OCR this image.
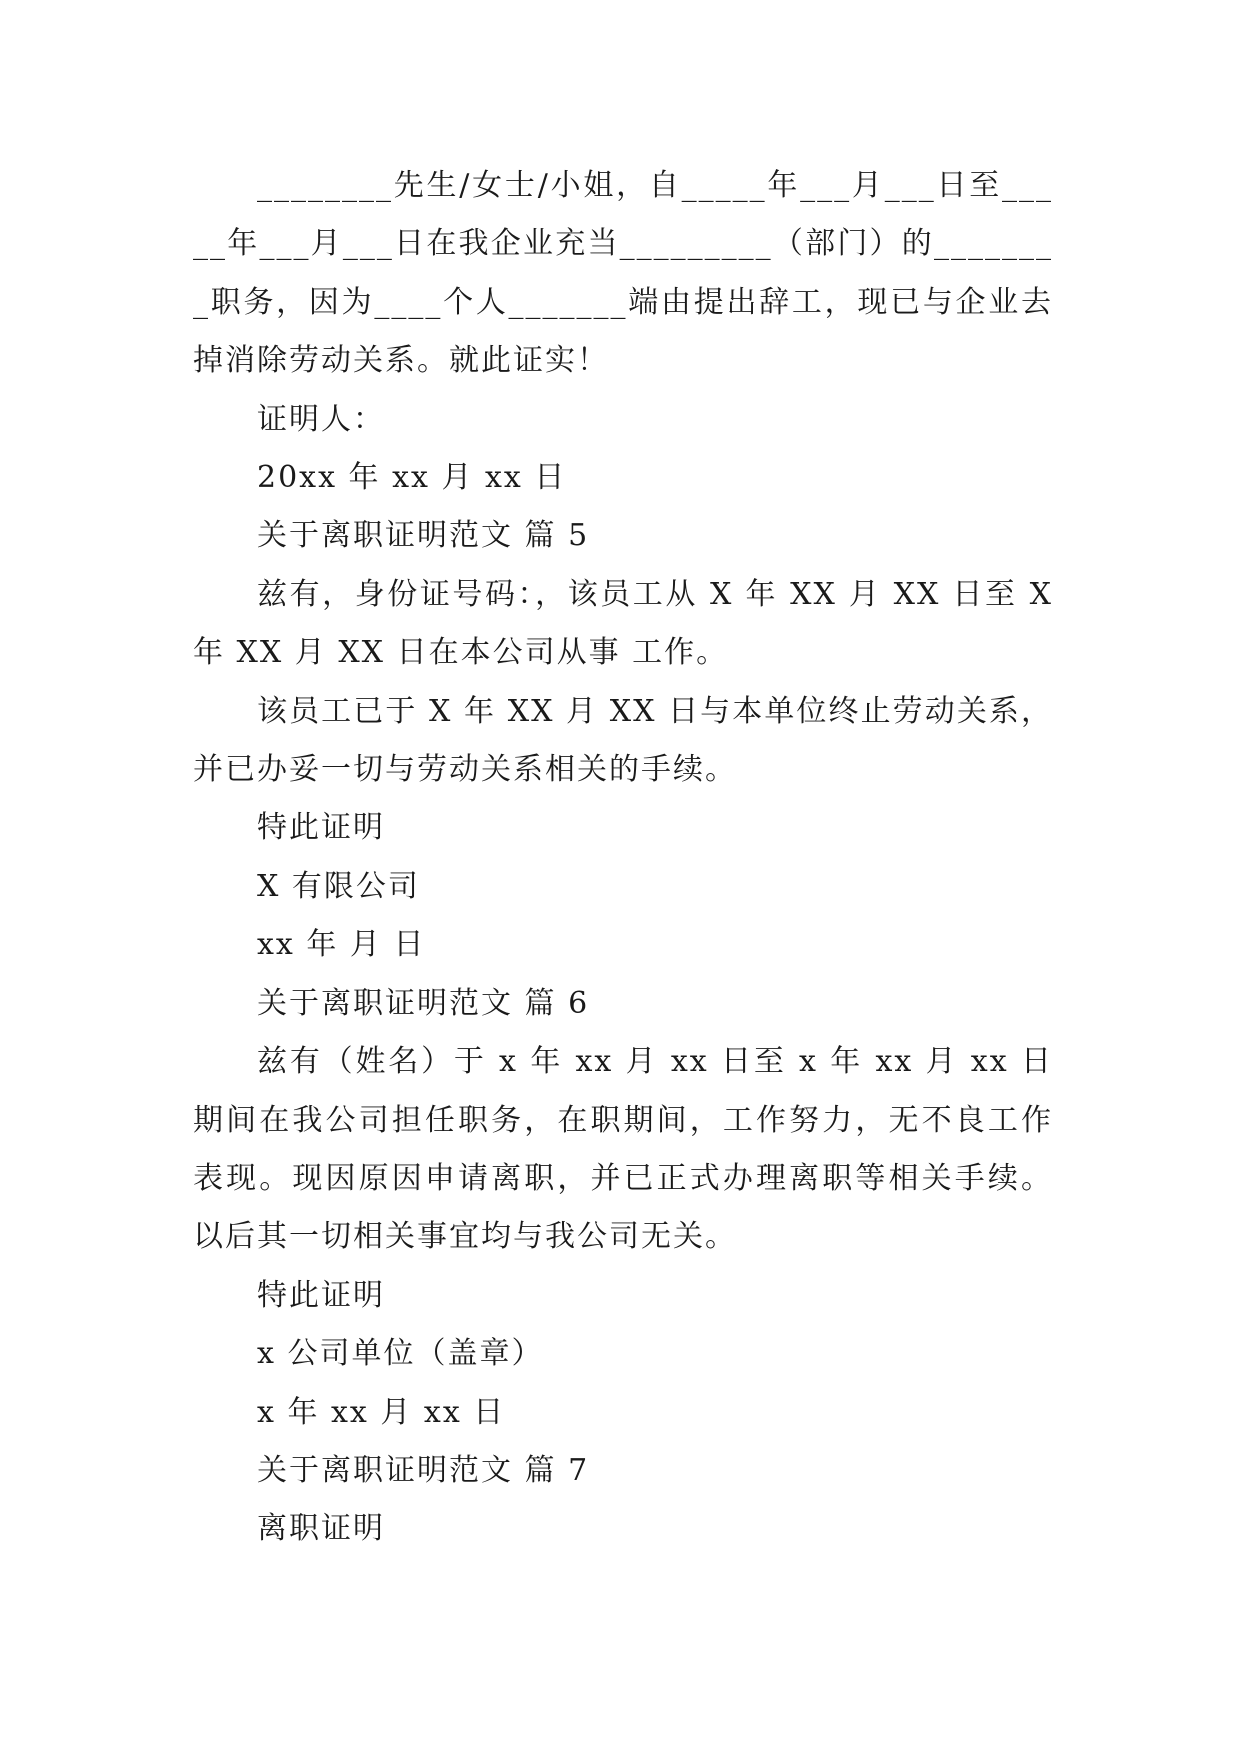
________先生/女士/小姐，自_____年___月___日至_____年___月___日在我企业充当_________（部门）的________职务，因为____个人_______端由提出辞工，现已与企业去掉消除劳动关系。就此证实！

证明人：

20xx 年 xx 月 xx 日

关于离职证明范文 篇 5

兹有，身份证号码：，该员工从 X 年 XX 月 XX 日至 X 年 XX 月 XX 日在本公司从事 工作。

该员工已于 X 年 XX 月 XX 日与本单位终止劳动关系，并已办妥一切与劳动关系相关的手续。

特此证明

X 有限公司

xx 年 月 日

关于离职证明范文 篇 6

兹有（姓名）于 x 年 xx 月 xx 日至 x 年 xx 月 xx 日期间在我公司担任职务，在职期间，工作努力，无不良工作表现。现因原因申请离职，并已正式办理离职等相关手续。以后其一切相关事宜均与我公司无关。

特此证明

x 公司单位（盖章）

x 年 xx 月 xx 日

关于离职证明范文 篇 7

离职证明
